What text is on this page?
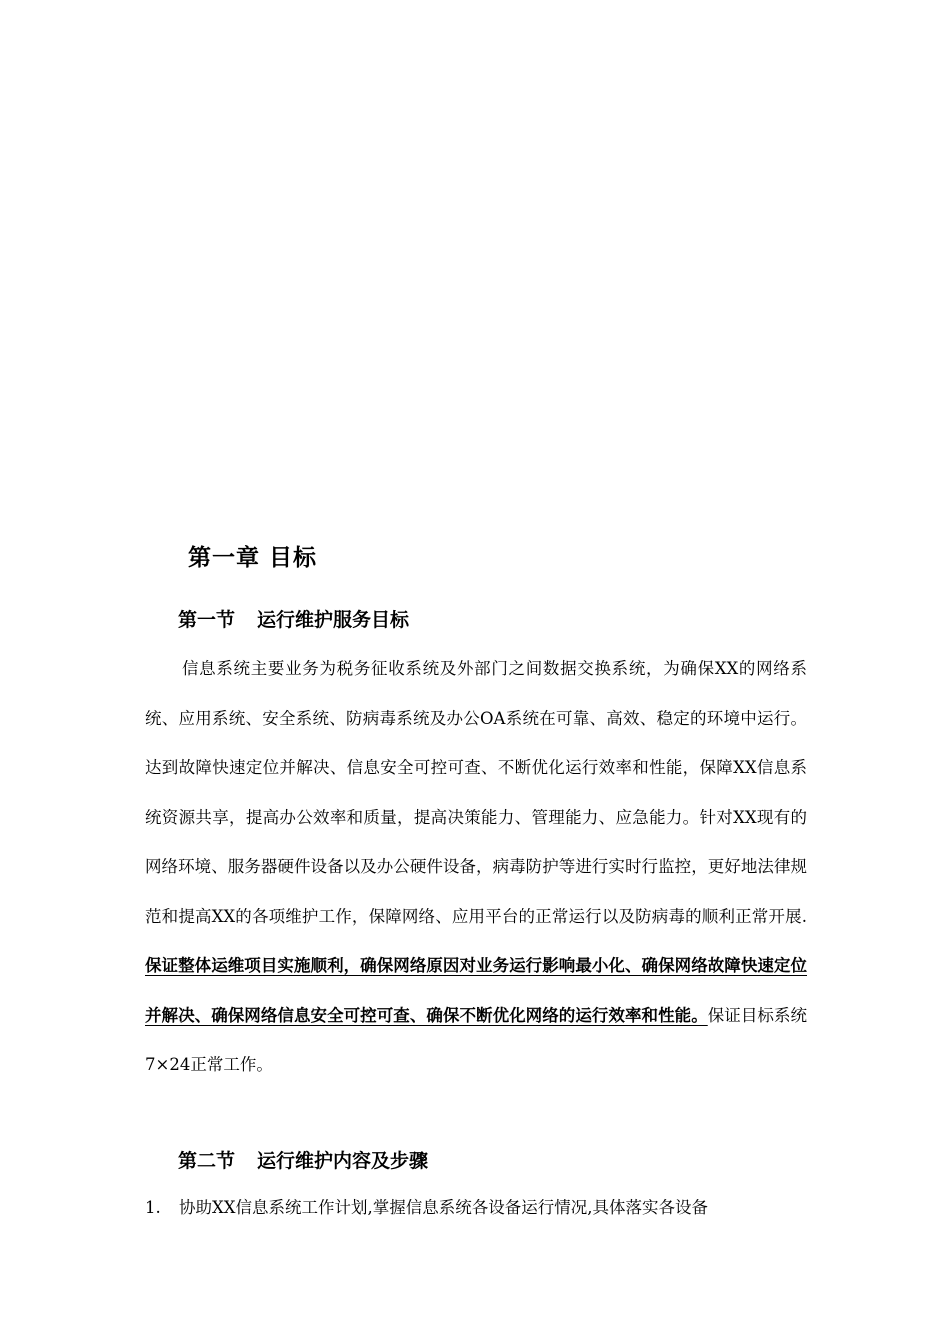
第一章 目标
第一节 运行维护服务目标
信息系统主要业务为税务征收系统及外部门之间数据交换系统，为确保XX的网络系统、应用系统、安全系统、防病毒系统及办公OA系统在可靠、高效、稳定的环境中运行。达到故障快速定位并解决、信息安全可控可查、不断优化运行效率和性能，保障XX信息系统资源共享，提高办公效率和质量，提高决策能力、管理能力、应急能力。针对XX现有的网络环境、服务器硬件设备以及办公硬件设备，病毒防护等进行实时行监控，更好地法律规范和提高XX的各项维护工作，保障网络、应用平台的正常运行以及防病毒的顺利正常开展.保证整体运维项目实施顺利，确保网络原因对业务运行影响最小化、确保网络故障快速定位并解决、确保网络信息安全可控可查、确保不断优化网络的运行效率和性能。保证目标系统7×24正常工作。
第二节 运行维护内容及步骤
1. 协助XX信息系统工作计划,掌握信息系统各设备运行情况,具体落实各设备
